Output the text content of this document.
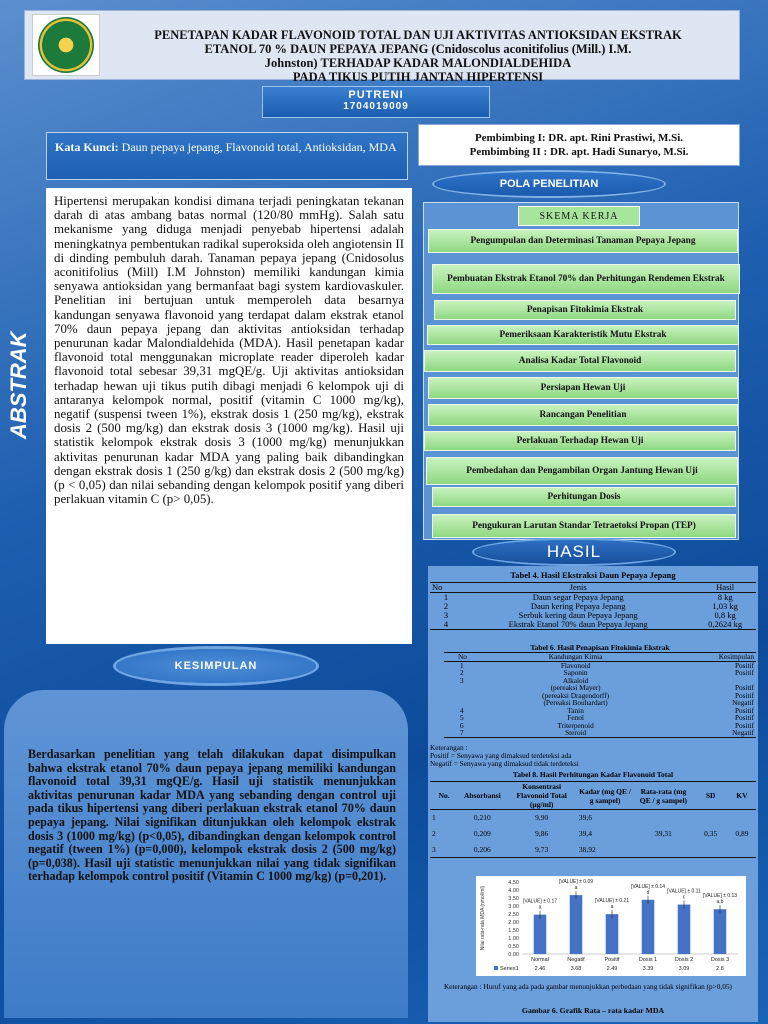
PENETAPAN KADAR FLAVONOID TOTAL DAN UJI AKTIVITAS ANTIOKSIDAN EKSTRAK
ETANOL 70 % DAUN PEPAYA JEPANG (Cnidoscolus aconitifolius (Mill.) I.M.
Johnston) TERHADAP KADAR MALONDIALDEHIDA
PADA TIKUS PUTIH JANTAN HIPERTENSI
PUTRENI
1704019009
Kata Kunci: Daun pepaya jepang, Flavonoid total, Antioksidan, MDA
ABSTRAK
Hipertensi merupakan kondisi dimana terjadi peningkatan tekanan darah di atas ambang batas normal (120/80 mmHg). Salah satu mekanisme yang diduga menjadi penyebab hipertensi adalah meningkatnya pembentukan radikal superoksida oleh angiotensin II di dinding pembuluh darah. Tanaman pepaya jepang (Cnidosolus aconitifolius (Mill) I.M Johnston) memiliki kandungan kimia senyawa antioksidan yang bermanfaat bagi system kardiovaskuler. Penelitian ini bertujuan untuk memperoleh data besarnya kandungan senyawa flavonoid yang terdapat dalam ekstrak etanol 70% daun pepaya jepang dan aktivitas antioksidan terhadap penurunan kadar Malondialdehida (MDA). Hasil penetapan kadar flavonoid total menggunakan microplate reader diperoleh kadar flavonoid total sebesar 39,31 mgQE/g. Uji aktivitas antioksidan terhadap hewan uji tikus putih dibagi menjadi 6 kelompok uji di antaranya kelompok normal, positif (vitamin C 1000 mg/kg), negatif (suspensi tween 1%), ekstrak dosis 1 (250 mg/kg), ekstrak dosis 2 (500 mg/kg) dan ekstrak dosis 3 (1000 mg/kg). Hasil uji statistik kelompok ekstrak dosis 3 (1000 mg/kg) menunjukkan aktivitas penurunan kadar MDA yang paling baik dibandingkan dengan ekstrak dosis 1 (250 g/kg) dan ekstrak dosis 2 (500 mg/kg) (p < 0,05) dan nilai sebanding dengan kelompok positif yang diberi perlakuan vitamin C (p> 0,05).
KESIMPULAN
Berdasarkan penelitian yang telah dilakukan dapat disimpulkan bahwa ekstrak etanol 70% daun pepaya jepang memiliki kandungan flavonoid total 39,31 mgQE/g. Hasil uji statistik menunjukkan aktivitas penurunan kadar MDA yang sebanding dengan control uji pada tikus hipertensi yang diberi perlakuan ekstrak etanol 70% daun pepaya jepang. Nilai signifikan ditunjukkan oleh kelompok ekstrak dosis 3 (1000 mg/kg) (p<0,05), dibandingkan dengan kelompok control negatif (tween 1%) (p=0,000), kelompok ekstrak dosis 2 (500 mg/kg) (p=0,038). Hasil uji statistic menunjukkan nilai yang tidak signifikan terhadap kelompok control positif (Vitamin C 1000 mg/kg) (p=0,201).
Pembimbing I: DR. apt. Rini Prastiwi, M.Si.
Pembimbing II : DR. apt. Hadi Sunaryo, M.Si.
POLA PENELITIAN
SKEMA KERJA
Pengumpulan dan Determinasi Tanaman Pepaya Jepang
Pembuatan Ekstrak Etanol 70% dan Perhitungan Rendemen Ekstrak
Penapisan Fitokimia Ekstrak
Pemeriksaan Karakteristik Mutu Ekstrak
Analisa Kadar Total Flavonoid
Persiapan Hewan Uji
Rancangan Penelitian
Perlakuan Terhadap Hewan Uji
Pembedahan dan Pengambilan Organ Jantung Hewan Uji
Perhitungan Dosis
Pengukuran Larutan Standar Tetraetoksi Propan (TEP)
HASIL
Tabel 4. Hasil Ekstraksi Daun Pepaya Jepang
No	Jenis	Hasil
1	Daun segar Pepaya Jepang	8 kg
2	Daun kering Pepaya Jepang	1,03 kg
3	Serbuk kering daun Pepaya Jepang	0,8 kg
4	Ekstrak Etanol 70% daun Pepaya Jepang	0,2624 kg
Tabel 6. Hasil Penapisan Fitokimia Ekstrak
No	Kandungan Kimia	Kesimpulan
1	Flavonoid	Positif
2	Saponin	Positif
3	Alkaloid	
	(pereaksi Mayer)	Positif
	(pereaksi Dragendorff)	Positif
	(Pereaksi Bouhardart)	Negatif
4	Tanin	Positif
5	Fenol	Positif
6	Triterpenoid	Positif
7	Steroid	Negatif
Keterangan :
Positif = Senyawa yang dimaksud terdeteksi ada
Negatif = Senyawa yang dimaksud tidak terdeteksi
Tabel 8. Hasil Perhitungan Kadar Flavonoid Total
No.	Absorbansi	Konsentrasi Flavonoid Total (µg/ml)	Kadar (mg QE / g sampel)	Rata-rata (mg QE / g sampel)	SD	KV
1	0,210	9,90	39,6			
2	0,209	9,86	39,4	39,31	0,35	0,89
3	0,206	9,73	38,92			
Nilai rata-rata MDA (nmol/ml)
0.00
0.50
1.00
1.50
2.00
2.50
3.00
3.50
4.00
4.50
a
[VALUE] ± 0.17
Normal
2.46
a
[VALUE] ± 0.09
Negatif
3.68
a
[VALUE] ± 0.21
Positif
2.49
d
[VALUE] ± 0.14
Dosis 1
3.39
c
[VALUE] ± 0.11
Dosis 2
3.09
a,b
[VALUE] ± 0.13
Dosis 3
2.8
Series1
Keterangan : Huruf yang ada pada gambar menunjukkan perbedaan yang tidak signifikan (p>0,05)
Gambar 6. Grafik Rata – rata kadar MDA
